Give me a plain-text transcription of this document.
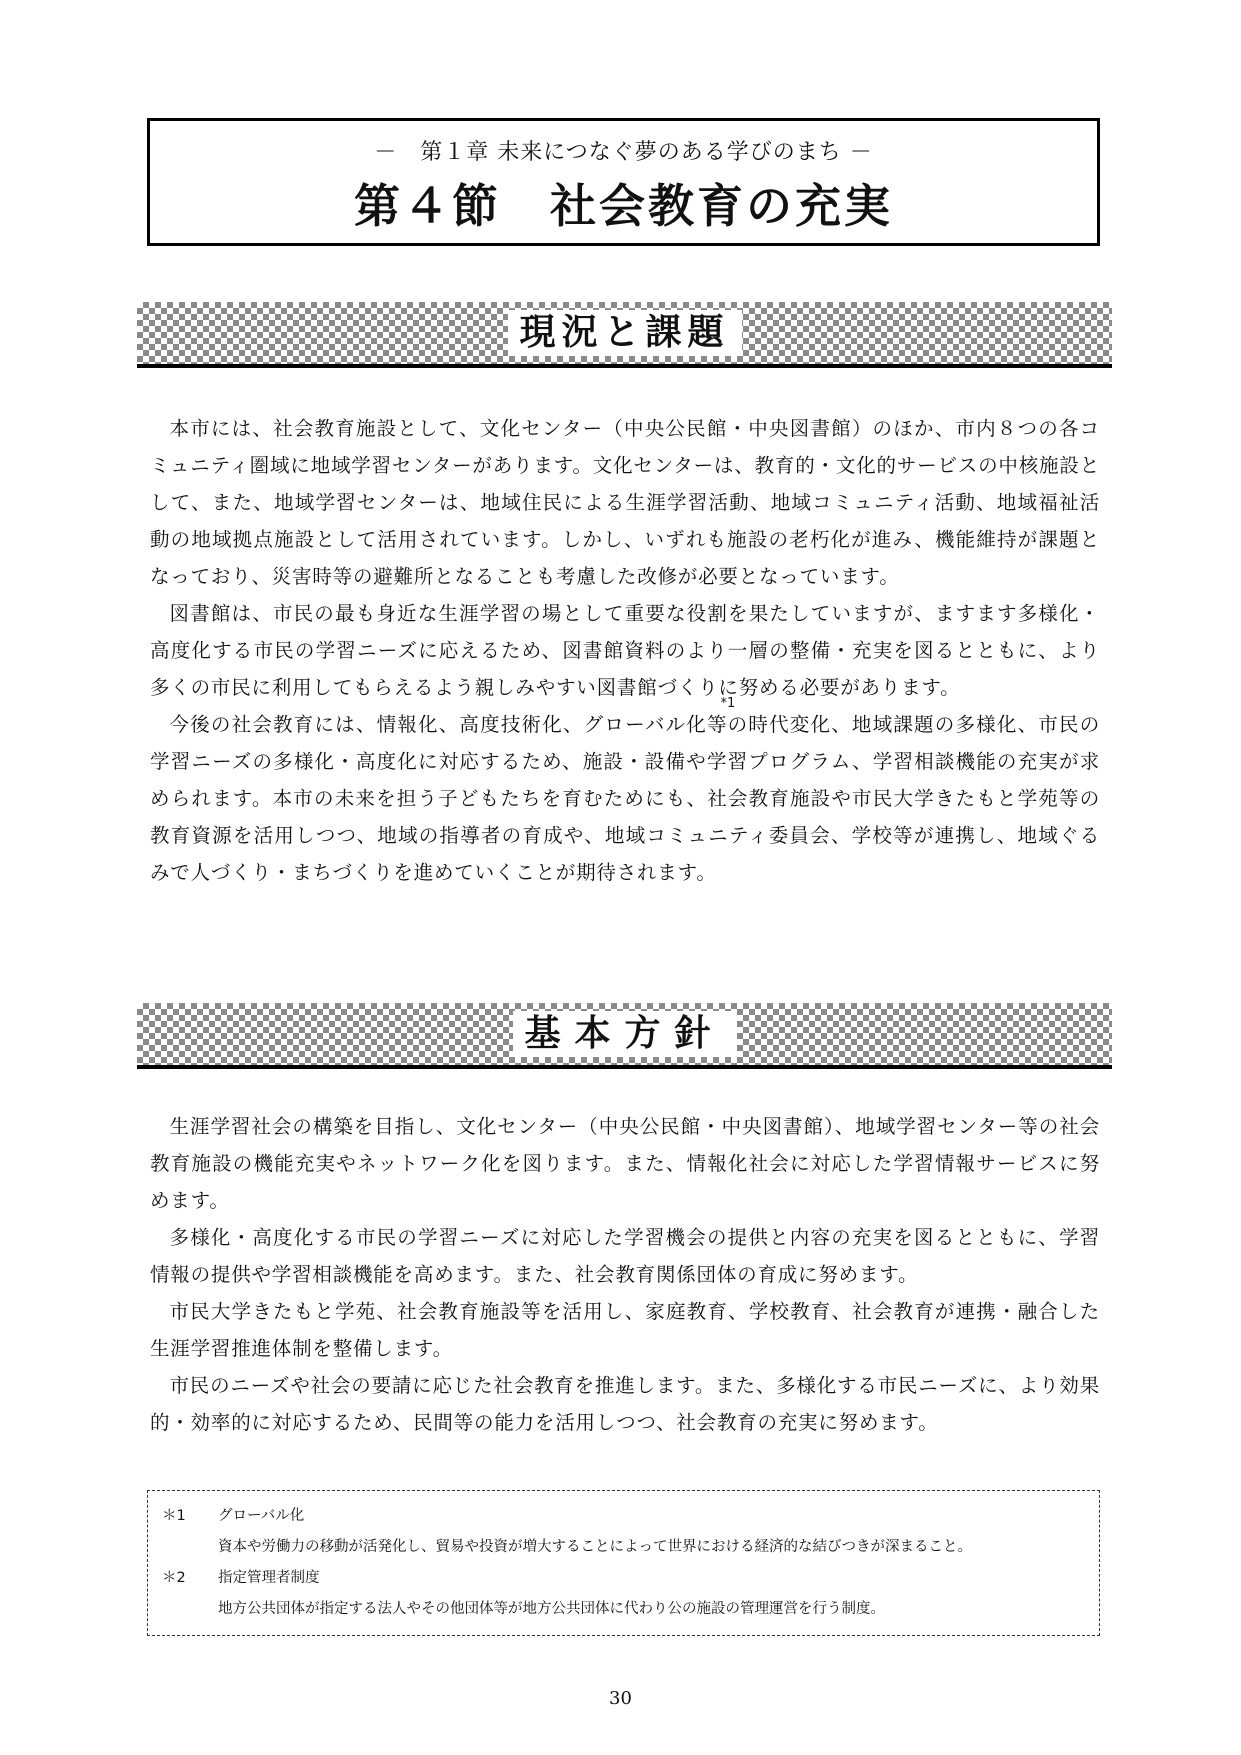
－　第１章 未来につなぐ夢のある学びのまち －
第４節　社会教育の充実
現況と課題

本市には、社会教育施設として、文化センター（中央公民館・中央図書館）のほか、市内８つの各コミュニティ圏域に地域学習センターがあります。文化センターは、教育的・文化的サービスの中核施設として、また、地域学習センターは、地域住民による生涯学習活動、地域コミュニティ活動、地域福祉活動の地域拠点施設として活用されています。しかし、いずれも施設の老朽化が進み、機能維持が課題となっており、災害時等の避難所となることも考慮した改修が必要となっています。

図書館は、市民の最も身近な生涯学習の場として重要な役割を果たしていますが、ますます多様化・高度化する市民の学習ニーズに応えるため、図書館資料のより一層の整備・充実を図るとともに、より多くの市民に利用してもらえるよう親しみやすい図書館づくりに努める必要があります。

今後の社会教育には、情報化、高度技術化、グローバル化
*1
等の時代変化、地域課題の多様化、市民の学習ニーズの多様化・高度化に対応するため、施設・設備や学習プログラム、学習相談機能の充実が求められます。本市の未来を担う子どもたちを育むためにも、社会教育施設や市民大学きたもと学苑等の教育資源を活用しつつ、地域の指導者の育成や、地域コミュニティ委員会、学校等が連携し、地域ぐるみで人づくり・まちづくりを進めていくことが期待されます。

基本方針

生涯学習社会の構築を目指し、文化センター（中央公民館・中央図書館）、地域学習センター等の社会教育施設の機能充実やネットワーク化を図ります。また、情報化社会に対応した学習情報サービスに努めます。

多様化・高度化する市民の学習ニーズに対応した学習機会の提供と内容の充実を図るとともに、学習情報の提供や学習相談機能を高めます。また、社会教育関係団体の育成に努めます。

市民大学きたもと学苑、社会教育施設等を活用し、家庭教育、学校教育、社会教育が連携・融合した生涯学習推進体制を整備します。

市民のニーズや社会の要請に応じた社会教育を推進します。また、多様化する市民ニーズに、より効果的・効率的に対応するため、民間等の能力を活用しつつ、社会教育の充実に努めます。

＊1	グローバル化
資本や労働力の移動が活発化し、貿易や投資が増大することによって世界における経済的な結びつきが深まること。
＊2	指定管理者制度
地方公共団体が指定する法人やその他団体等が地方公共団体に代わり公の施設の管理運営を行う制度。
30
